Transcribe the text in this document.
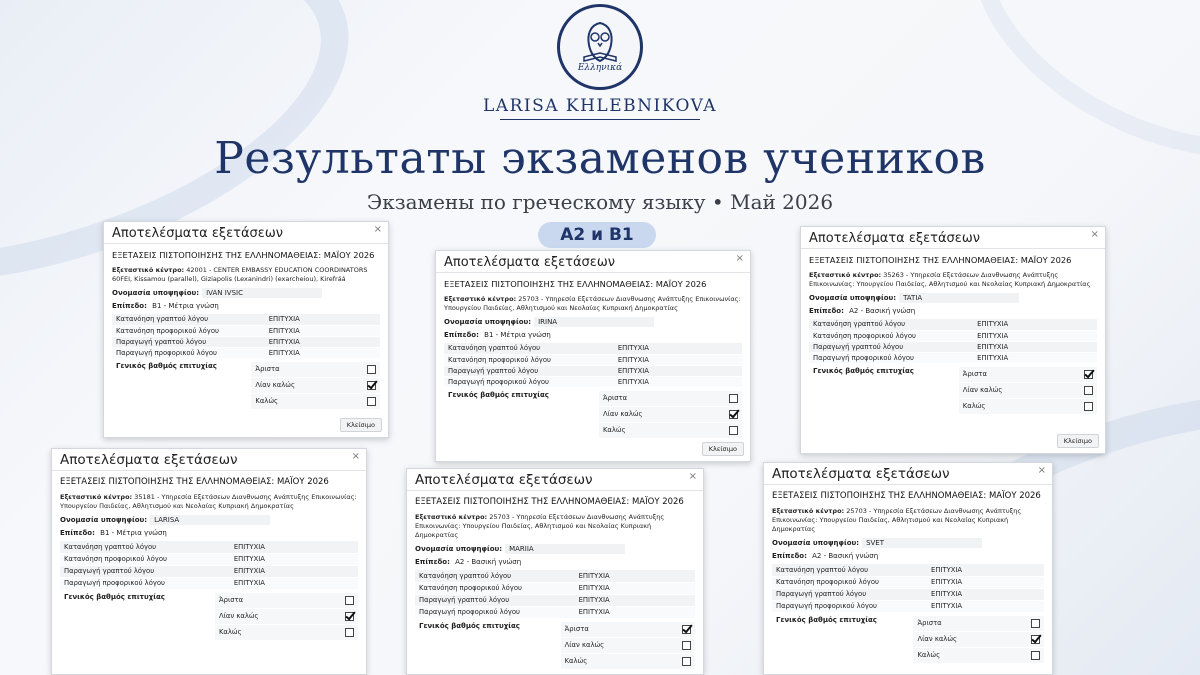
Ελληνικά
LARISA KHLEBNIKOVA
Результаты экзаменов учеников
Экзамены по греческому языку • Май 2026
A2 и B1
Αποτελέσματα εξετάσεων	×
ΕΞΕΤΑΣΕΙΣ ΠΙΣΤΟΠΟΙΗΣΗΣ ΤΗΣ ΕΛΛΗΝΟΜΑΘΕΙΑΣ: ΜΑΪΟΥ 2026
Εξεταστικό κέντρο: 42001 - CENTER EMBASSY EDUCATION COORDINATORS 60FEI, Kissamou (parallel), Giziapolis (Lexanindri) (exarcheiou), Kirefráá
Ονομασία υποψηφίου:	IVAN IVSIC
Επίπεδο: B1 - Μέτρια γνώση
Κατανόηση γραπτού λόγου	ΕΠΙΤΥΧΙΑ
Κατανόηση προφορικού λόγου	ΕΠΙΤΥΧΙΑ
Παραγωγή γραπτού λόγου	ΕΠΙΤΥΧΙΑ
Παραγωγή προφορικού λόγου	ΕΠΙΤΥΧΙΑ
Γενικός βαθμός επιτυχίας	Άριστα
Λίαν καλώς
Καλώς
Κλείσιμο
Αποτελέσματα εξετάσεων	×
ΕΞΕΤΑΣΕΙΣ ΠΙΣΤΟΠΟΙΗΣΗΣ ΤΗΣ ΕΛΛΗΝΟΜΑΘΕΙΑΣ: ΜΑΪΟΥ 2026
Εξεταστικό κέντρο: 25703 - Υπηρεσία Εξετάσεων Διανθνωσης Ανάπτυξης Επικοινωνίας: Υπουργείου Παιδείας, Αθλητισμού και Νεολαίας Κυπριακή Δημοκρατίας
Ονομασία υποψηφίου:	IRINA
Επίπεδο: B1 - Μέτρια γνώση
Κατανόηση γραπτού λόγου	ΕΠΙΤΥΧΙΑ
Κατανόηση προφορικού λόγου	ΕΠΙΤΥΧΙΑ
Παραγωγή γραπτού λόγου	ΕΠΙΤΥΧΙΑ
Παραγωγή προφορικού λόγου	ΕΠΙΤΥΧΙΑ
Γενικός βαθμός επιτυχίας	Άριστα
Λίαν καλώς
Καλώς
Κλείσιμο
Αποτελέσματα εξετάσεων	×
ΕΞΕΤΑΣΕΙΣ ΠΙΣΤΟΠΟΙΗΣΗΣ ΤΗΣ ΕΛΛΗΝΟΜΑΘΕΙΑΣ: ΜΑΪΟΥ 2026
Εξεταστικό κέντρο: 35263 - Υπηρεσία Εξετάσεων Διανθνωσης Ανάπτυξης Επικοινωνίας: Υπουργείου Παιδείας, Αθλητισμού και Νεολαίας Κυπριακή Δημοκρατίας
Ονομασία υποψηφίου:	TATIA
Επίπεδο: A2 - Βασική γνώση
Κατανόηση γραπτού λόγου	ΕΠΙΤΥΧΙΑ
Κατανόηση προφορικού λόγου	ΕΠΙΤΥΧΙΑ
Παραγωγή γραπτού λόγου	ΕΠΙΤΥΧΙΑ
Παραγωγή προφορικού λόγου	ΕΠΙΤΥΧΙΑ
Γενικός βαθμός επιτυχίας	Άριστα
Λίαν καλώς
Καλώς
Κλείσιμο
Αποτελέσματα εξετάσεων	×
ΕΞΕΤΑΣΕΙΣ ΠΙΣΤΟΠΟΙΗΣΗΣ ΤΗΣ ΕΛΛΗΝΟΜΑΘΕΙΑΣ: ΜΑΪΟΥ 2026
Εξεταστικό κέντρο: 35181 - Υπηρεσία Εξετάσεων Διανθνωσης Ανάπτυξης Επικοινωνίας: Υπουργείου Παιδείας, Αθλητισμού και Νεολαίας Κυπριακή Δημοκρατίας
Ονομασία υποψηφίου:	LARISA
Επίπεδο: B1 - Μέτρια γνώση
Κατανόηση γραπτού λόγου	ΕΠΙΤΥΧΙΑ
Κατανόηση προφορικού λόγου	ΕΠΙΤΥΧΙΑ
Παραγωγή γραπτού λόγου	ΕΠΙΤΥΧΙΑ
Παραγωγή προφορικού λόγου	ΕΠΙΤΥΧΙΑ
Γενικός βαθμός επιτυχίας	Άριστα
Λίαν καλώς
Καλώς
Αποτελέσματα εξετάσεων	×
ΕΞΕΤΑΣΕΙΣ ΠΙΣΤΟΠΟΙΗΣΗΣ ΤΗΣ ΕΛΛΗΝΟΜΑΘΕΙΑΣ: ΜΑΪΟΥ 2026
Εξεταστικό κέντρο: 25703 - Υπηρεσία Εξετάσεων Διανθνωσης Ανάπτυξης Επικοινωνίας: Υπουργείου Παιδείας, Αθλητισμού και Νεολαίας Κυπριακή Δημοκρατίας
Ονομασία υποψηφίου:	MARIIA
Επίπεδο: A2 - Βασική γνώση
Κατανόηση γραπτού λόγου	ΕΠΙΤΥΧΙΑ
Κατανόηση προφορικού λόγου	ΕΠΙΤΥΧΙΑ
Παραγωγή γραπτού λόγου	ΕΠΙΤΥΧΙΑ
Παραγωγή προφορικού λόγου	ΕΠΙΤΥΧΙΑ
Γενικός βαθμός επιτυχίας	Άριστα
Λίαν καλώς
Καλώς
Αποτελέσματα εξετάσεων	×
ΕΞΕΤΑΣΕΙΣ ΠΙΣΤΟΠΟΙΗΣΗΣ ΤΗΣ ΕΛΛΗΝΟΜΑΘΕΙΑΣ: ΜΑΪΟΥ 2026
Εξεταστικό κέντρο: 25703 - Υπηρεσία Εξετάσεων Διανθνωσης Ανάπτυξης Επικοινωνίας: Υπουργείου Παιδείας, Αθλητισμού και Νεολαίας Κυπριακή Δημοκρατίας
Ονομασία υποψηφίου:	SVET
Επίπεδο: A2 - Βασική γνώση
Κατανόηση γραπτού λόγου	ΕΠΙΤΥΧΙΑ
Κατανόηση προφορικού λόγου	ΕΠΙΤΥΧΙΑ
Παραγωγή γραπτού λόγου	ΕΠΙΤΥΧΙΑ
Παραγωγή προφορικού λόγου	ΕΠΙΤΥΧΙΑ
Γενικός βαθμός επιτυχίας	Άριστα
Λίαν καλώς
Καλώς
